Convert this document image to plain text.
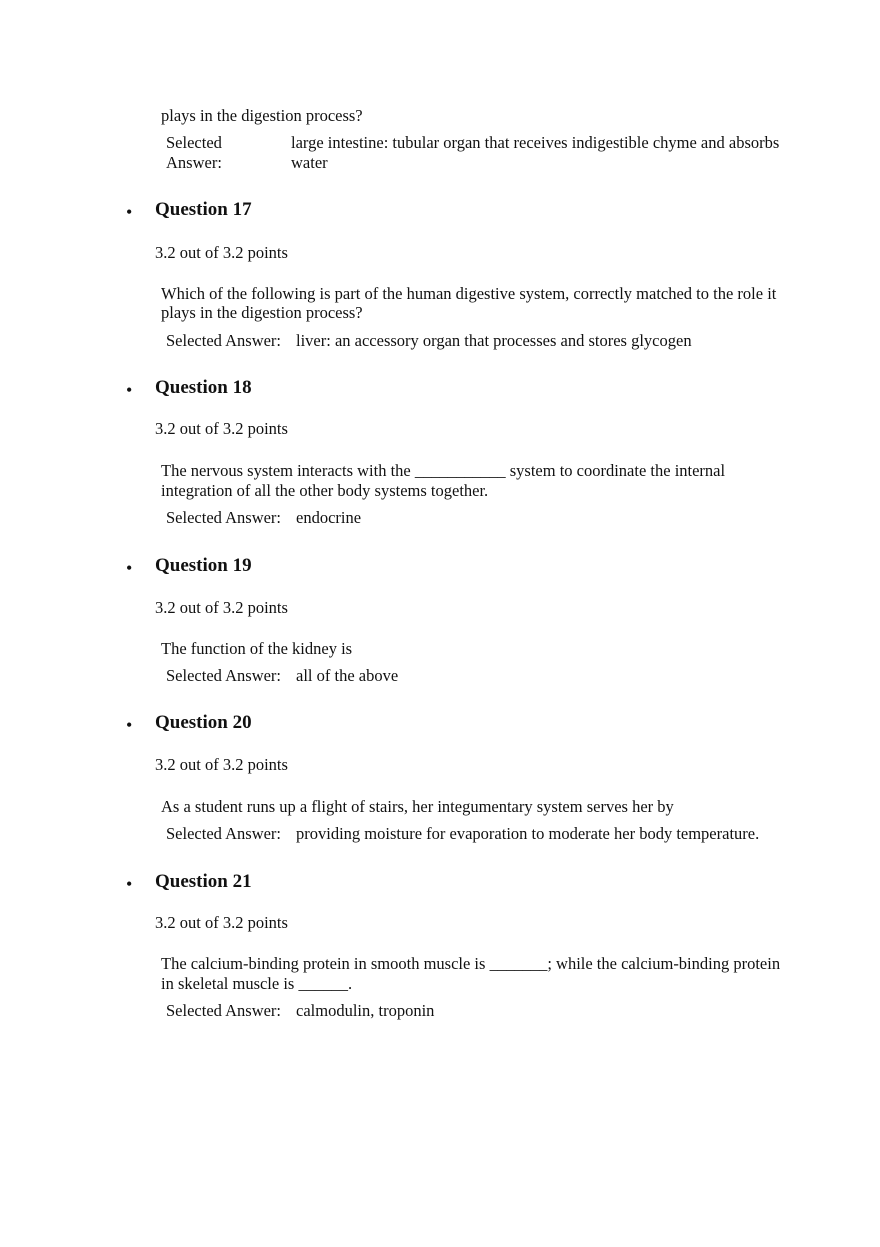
plays in the digestion process?
Selected
Answer:
large intestine: tubular organ that receives indigestible chyme and absorbs
water
• Question 17
3.2 out of 3.2 points
Which of the following is part of the human digestive system, correctly matched to the role it
plays in the digestion process?
Selected Answer: liver: an accessory organ that processes and stores glycogen
• Question 18
3.2 out of 3.2 points
The nervous system interacts with the ___________ system to coordinate the internal
integration of all the other body systems together.
Selected Answer: endocrine
• Question 19
3.2 out of 3.2 points
The function of the kidney is
Selected Answer: all of the above
• Question 20
3.2 out of 3.2 points
As a student runs up a flight of stairs, her integumentary system serves her by
Selected Answer: providing moisture for evaporation to moderate her body temperature.
• Question 21
3.2 out of 3.2 points
The calcium-binding protein in smooth muscle is _______; while the calcium-binding protein
in skeletal muscle is ______.
Selected Answer: calmodulin, troponin
